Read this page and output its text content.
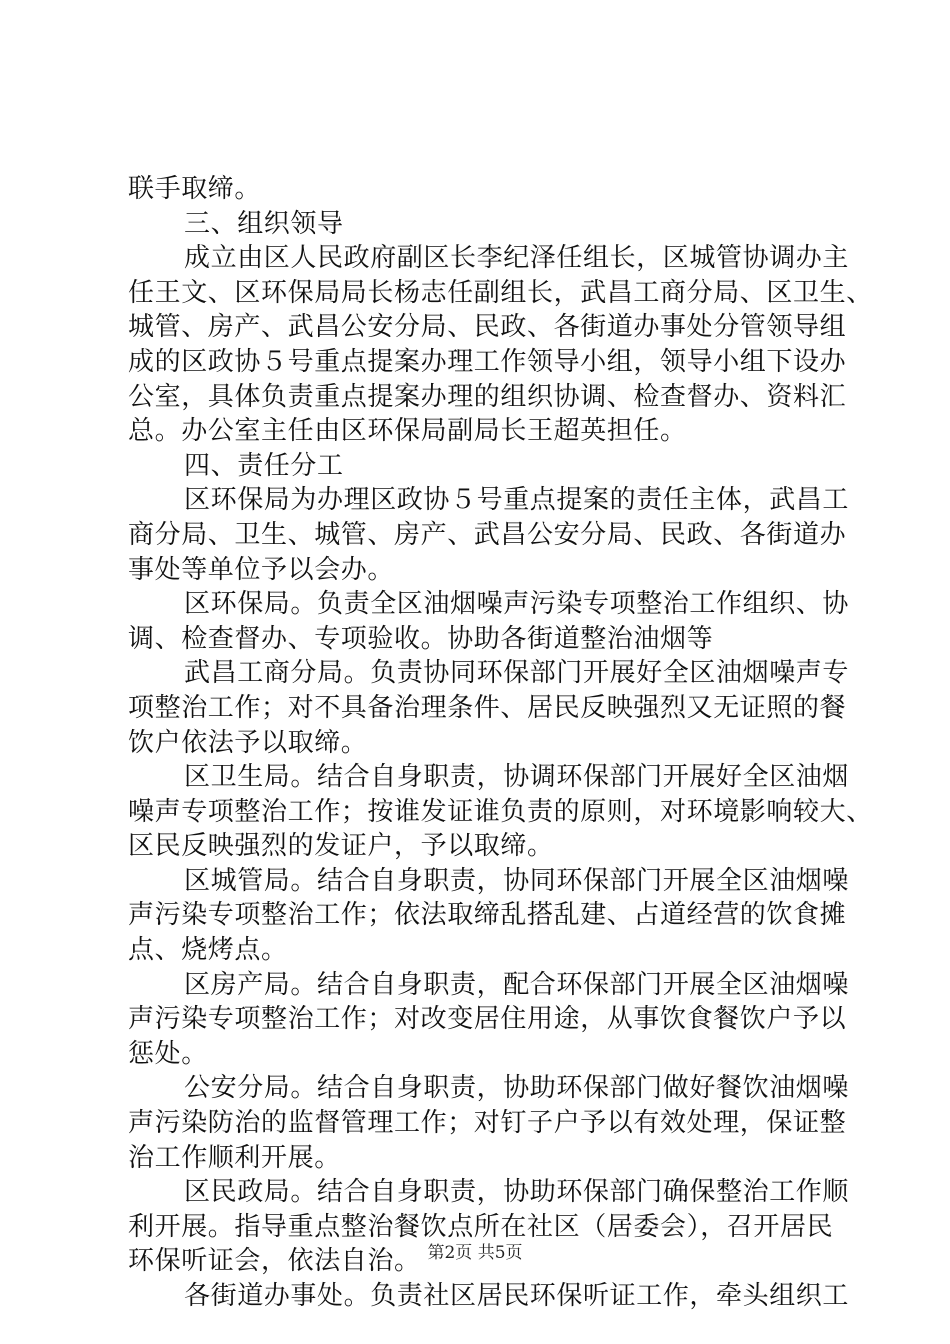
联手取缔。
三、组织领导
成立由区人民政府副区长李纪泽任组长，区城管协调办主
任王文、区环保局局长杨志任副组长，武昌工商分局、区卫生、
城管、房产、武昌公安分局、民政、各街道办事处分管领导组
成的区政协５号重点提案办理工作领导小组，领导小组下设办
公室，具体负责重点提案办理的组织协调、检查督办、资料汇
总。办公室主任由区环保局副局长王超英担任。
四、责任分工
区环保局为办理区政协５号重点提案的责任主体，武昌工
商分局、卫生、城管、房产、武昌公安分局、民政、各街道办
事处等单位予以会办。
区环保局。负责全区油烟噪声污染专项整治工作组织、协
调、检查督办、专项验收。协助各街道整治油烟等
武昌工商分局。负责协同环保部门开展好全区油烟噪声专
项整治工作；对不具备治理条件、居民反映强烈又无证照的餐
饮户依法予以取缔。
区卫生局。结合自身职责，协调环保部门开展好全区油烟
噪声专项整治工作；按谁发证谁负责的原则，对环境影响较大、
区民反映强烈的发证户，予以取缔。
区城管局。结合自身职责，协同环保部门开展全区油烟噪
声污染专项整治工作；依法取缔乱搭乱建、占道经营的饮食摊
点、烧烤点。
区房产局。结合自身职责，配合环保部门开展全区油烟噪
声污染专项整治工作；对改变居住用途，从事饮食餐饮户予以
惩处。
公安分局。结合自身职责，协助环保部门做好餐饮油烟噪
声污染防治的监督管理工作；对钉子户予以有效处理，保证整
治工作顺利开展。
区民政局。结合自身职责，协助环保部门确保整治工作顺
利开展。指导重点整治餐饮点所在社区（居委会），召开居民
环保听证会，依法自治。
各街道办事处。负责社区居民环保听证工作，牵头组织工
第2页 共5页
